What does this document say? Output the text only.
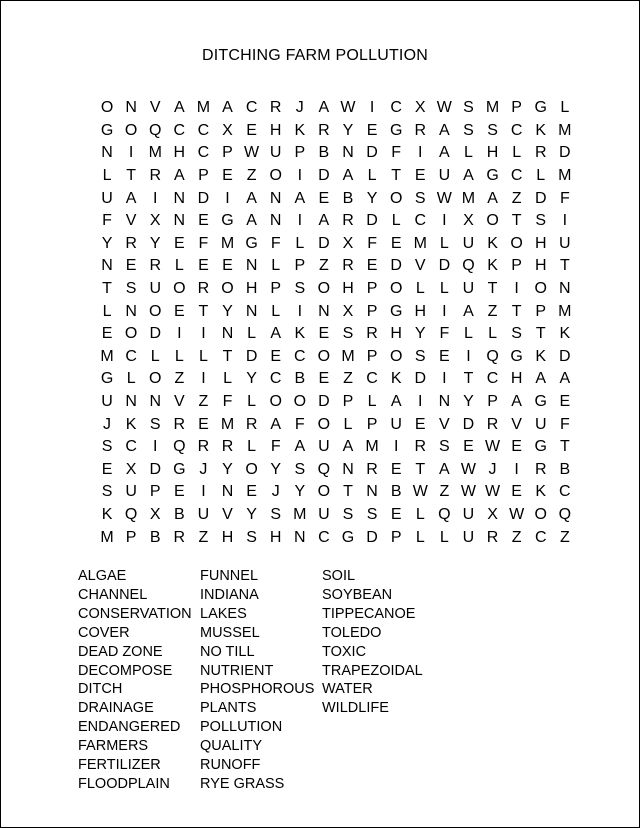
DITCHING FARM POLLUTION
O N V A M A C R J A W I	C X W S M P G L
G O Q C C X E H K R Y E G R A S S C K M
N	I M H C P W U P B N D F	I	A L H L R D
L T R A P E Z O I	D A L T E U A G C L M
U A	I	N D	I	A N A E B Y O S W M A Z D F
F V X N E G A N	I	A R D L C	I	X O T S	I
Y R Y E F M G F L D X F E M L U K O H U
N E R L E E N L P Z R E D V D Q K P H T
T S U O R O H P S O H P O L L U T	I O N
L N O E T Y N L	I	N X P G H	I	A Z T P M
E O D	I	I	N L A K E S R H Y F L L S T K
M C L L L T D E C O M P O S E	I Q G K D
G L O Z	I	L Y C B E Z C K D	I	T C H A A
U N N V Z F L O O D P L A	I	N Y P A G E
J K S R E M R A F O L P U E V D R V U F
S C	I Q R R L F A U A M I	R S E W E G T
E X D G J Y O Y S Q N R E T A W J	I	R B
S U P E	I	N E J Y O T N B W Z W W E K C
K Q X B U V Y S M U S S E L Q U X W O Q
M P B R Z H S H N C G D P L L U R Z C Z
ALGAE
CHANNEL
CONSERVATION
COVER
DEAD ZONE
DECOMPOSE
DITCH
DRAINAGE
ENDANGERED
FARMERS
FERTILIZER
FLOODPLAIN
FUNNEL
INDIANA
LAKES
MUSSEL
NO TILL
NUTRIENT
PHOSPHOROUS
PLANTS
POLLUTION
QUALITY
RUNOFF
RYE GRASS
SOIL
SOYBEAN
TIPPECANOE
TOLEDO
TOXIC
TRAPEZOIDAL
WATER
WILDLIFE
